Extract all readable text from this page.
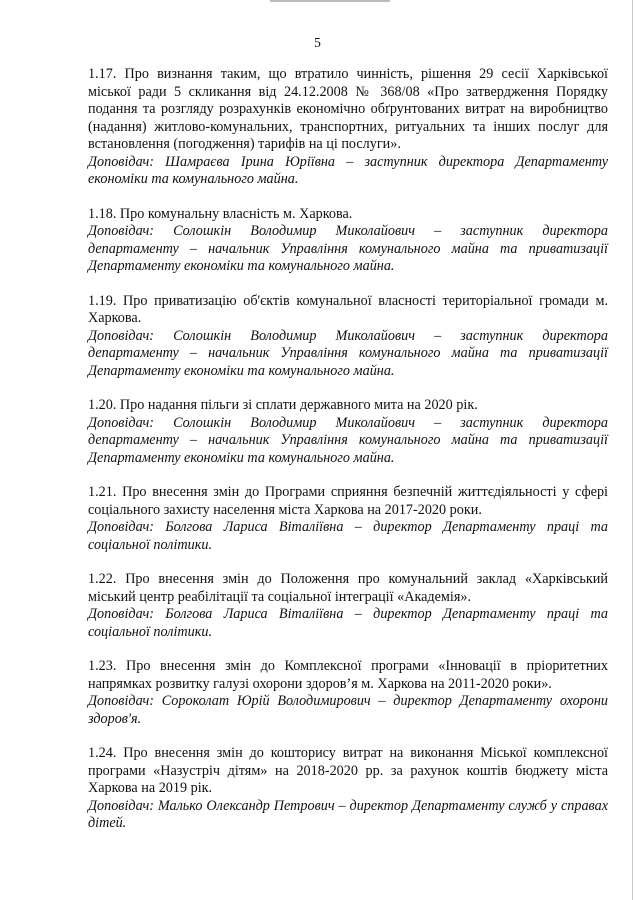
5

1.17. Про визнання таким, що втратило чинність, рішення 29 сесії Харківської міської ради 5 скликання від 24.12.2008 № 368/08 «Про затвердження Порядку подання та розгляду розрахунків економічно обґрунтованих витрат на виробництво (надання) житлово-комунальних, транспортних, ритуальних та інших послуг для встановлення (погодження) тарифів на ці послуги».

Доповідач: Шамраєва Ірина Юріївна – заступник директора Департаменту економіки та комунального майна.

1.18. Про комунальну власність м. Харкова.

Доповідач: Солошкін Володимир Миколайович – заступник директора департаменту – начальник Управління комунального майна та приватизації Департаменту економіки та комунального майна.

1.19. Про приватизацію об'єктів комунальної власності територіальної громади м. Харкова.

Доповідач: Солошкін Володимир Миколайович – заступник директора департаменту – начальник Управління комунального майна та приватизації Департаменту економіки та комунального майна.

1.20. Про надання пільги зі сплати державного мита на 2020 рік.

Доповідач: Солошкін Володимир Миколайович – заступник директора департаменту – начальник Управління комунального майна та приватизації Департаменту економіки та комунального майна.

1.21. Про внесення змін до Програми сприяння безпечній життєдіяльності у сфері соціального захисту населення міста Харкова на 2017-2020 роки.

Доповідач: Болгова Лариса Віталіївна – директор Департаменту праці та соціальної політики.

1.22. Про внесення змін до Положення про комунальний заклад «Харківський міський центр реабілітації та соціальної інтеграції «Академія».

Доповідач: Болгова Лариса Віталіївна – директор Департаменту праці та соціальної політики.

1.23. Про внесення змін до Комплексної програми «Інновації в пріоритетних напрямках розвитку галузі охорони здоров’я м. Харкова на 2011-2020 роки».

Доповідач: Сороколат Юрій Володимирович – директор Департаменту охорони здоров'я.

1.24. Про внесення змін до кошторису витрат на виконання Міської комплексної програми «Назустріч дітям» на 2018-2020 рр. за рахунок коштів бюджету міста Харкова на 2019 рік.

Доповідач: Малько Олександр Петрович – директор Департаменту служб у справах дітей.
